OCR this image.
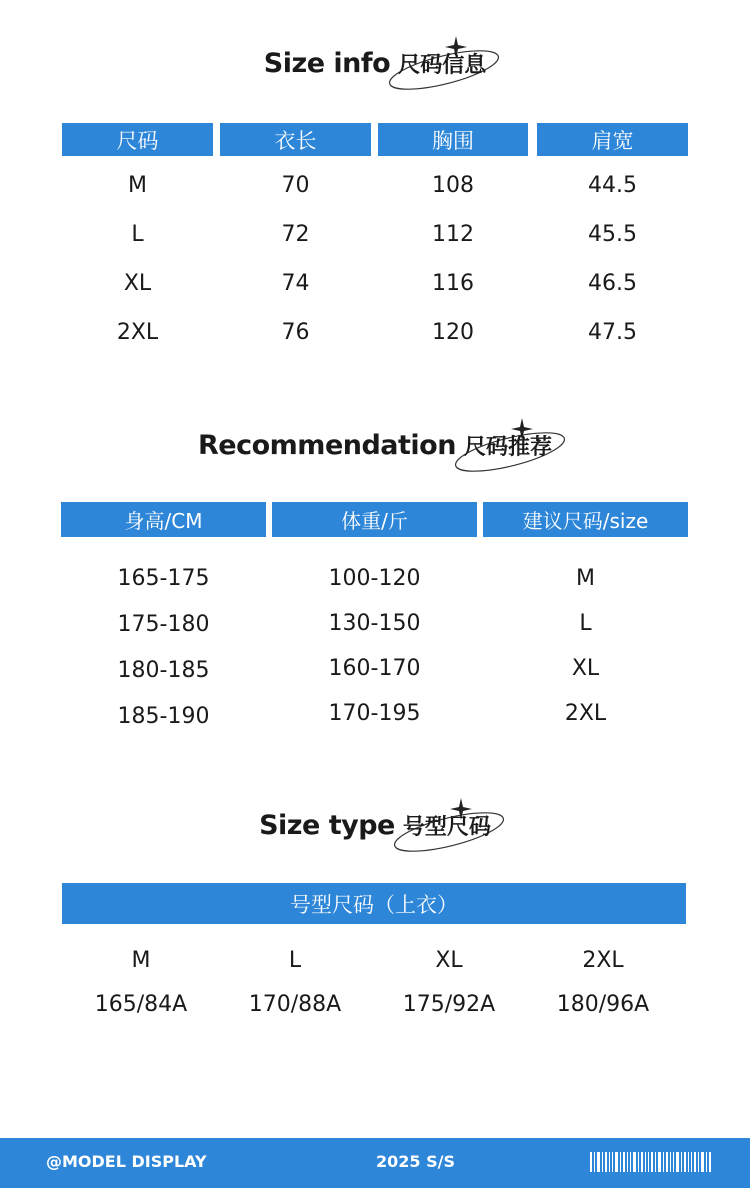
Size info 尺码信息
尺码	衣长	胸围	肩宽
M	70	108	44.5
L	72	112	45.5
XL	74	116	46.5
2XL	76	120	47.5
Recommendation 尺码推荐
身高/CM	体重/斤	建议尺码/size
165-175	100-120	M
175-180	130-150	L
180-185	160-170	XL
185-190	170-195	2XL
Size type 号型尺码
号型尺码（上衣）
M	L	XL	2XL
165/84A	170/88A	175/92A	180/96A
@MODEL DISPLAY	2025 S/S
